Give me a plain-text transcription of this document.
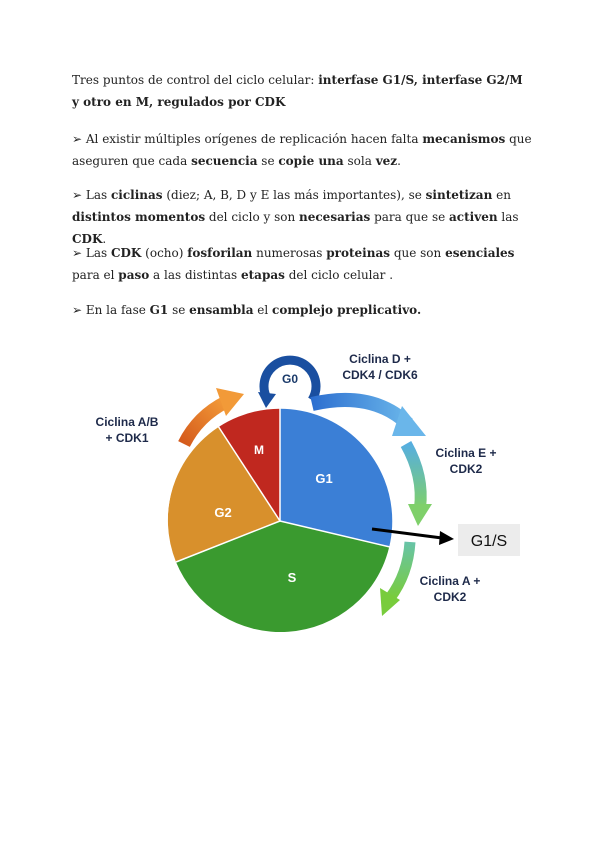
Tres puntos de control del ciclo celular: interfase G1/S, interfase G2/M y otro en M, regulados por CDK
➢ Al existir múltiples orígenes de replicación hacen falta mecanismos que aseguren que cada secuencia se copie una sola vez.
➢ Las ciclinas (diez; A, B, D y E las más importantes), se sintetizan en distintos momentos del ciclo y son necesarias para que se activen las CDK.
➢ Las CDK (ocho) fosforilan numerosas proteinas que son esenciales para el paso a las distintas etapas del ciclo celular .
➢ En la fase G1 se ensambla el complejo preplicativo.
G1
S
G2
M
G0
Ciclina D +
CDK4 / CDK6
Ciclina E +
CDK2
Ciclina A +
CDK2
Ciclina A/B
+ CDK1
G1/S
